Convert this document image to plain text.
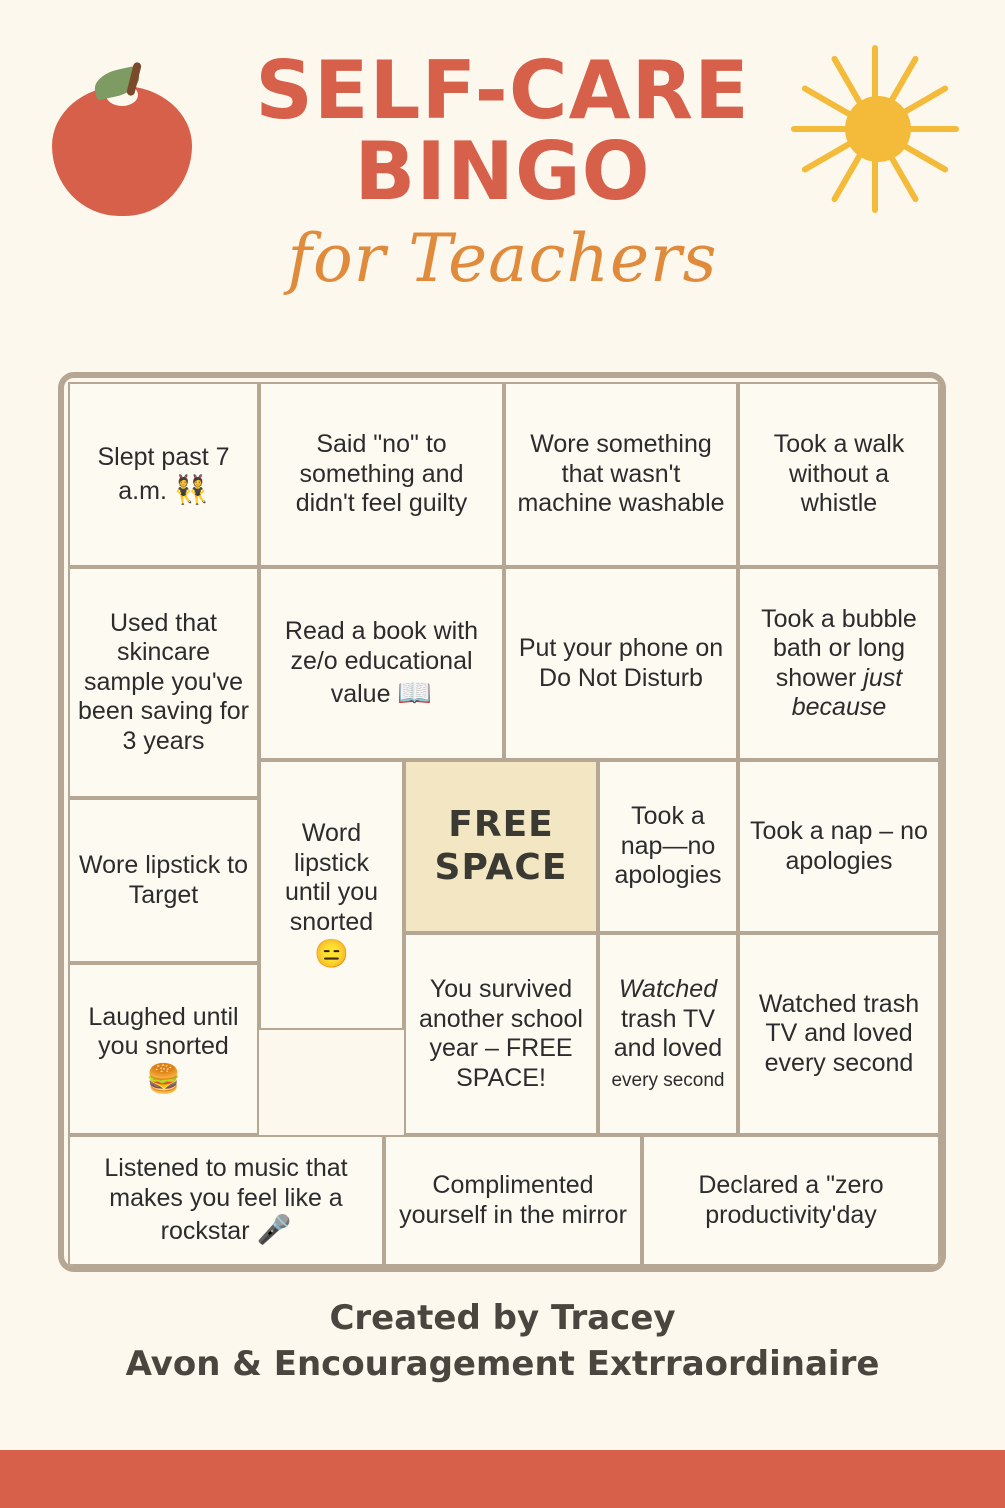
SELF-CARE
BINGO
for Teachers
Slept past 7 a.m. 👯
Said "no" to something and didn't feel guilty
Wore something that wasn't machine washable
Took a walk without a whistle
Used that skincare sample you've been saving for 3 years
Read a book with ze/o educational value 📖
Put your phone on Do Not Disturb
Took a bubble bath or long shower just because
Wore lipstick to Target
Word lipstick until you snorted 😑
FREE SPACE
Took a nap—no apologies
Took a nap – no apologies
Laughed until you snorted 🍔
You survived another school year – FREE SPACE!
Watched trash TV and loved every second
Watched trash TV and loved every second
Listened to music that makes you feel like a rockstar 🎤
Complimented yourself in the mirror
Declared a "zero productivity'day
Created by Tracey
Avon & Encouragement Extrraordinaire
